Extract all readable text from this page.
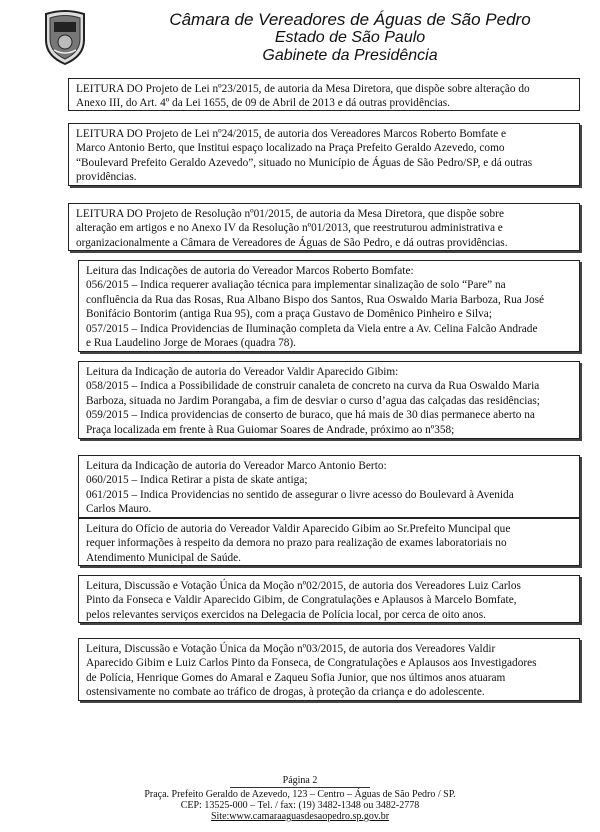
Câmara de Vereadores de Águas de São Pedro
Estado de São Paulo
Gabinete da Presidência
LEITURA DO Projeto de Lei nº23/2015, de autoria da Mesa Diretora, que dispõe sobre alteração do
Anexo III, do Art. 4º da Lei 1655, de 09 de Abril de 2013 e dá outras providências.
LEITURA DO Projeto de Lei nº24/2015, de autoria dos Vereadores Marcos Roberto Bomfate e
Marco Antonio Berto, que Institui espaço localizado na Praça Prefeito Geraldo Azevedo, como
“Boulevard Prefeito Geraldo Azevedo”, situado no Município de Águas de São Pedro/SP, e dá outras
providências.
LEITURA DO Projeto de Resolução nº01/2015, de autoria da Mesa Diretora, que dispõe sobre
alteração em artigos e no Anexo IV da Resolução nº01/2013, que reestruturou administrativa e
organizacionalmente a Câmara de Vereadores de Águas de São Pedro, e dá outras providências.
Leitura das Indicações de autoria do Vereador Marcos Roberto Bomfate:
056/2015 – Indica requerer avaliação técnica para implementar sinalização de solo “Pare” na
confluência da Rua das Rosas, Rua Albano Bispo dos Santos, Rua Oswaldo Maria Barboza, Rua José
Bonifácio Bontorim (antiga Rua 95), com a praça Gustavo de Domênico Pinheiro e Silva;
057/2015 – Indica Providencias de Iluminação completa da Viela entre a Av. Celina Falcão Andrade
e Rua Laudelino Jorge de Moraes (quadra 78).
Leitura da Indicação de autoria do Vereador Valdir Aparecido Gibim:
058/2015 – Indica a Possibilidade de construir canaleta de concreto na curva da Rua Oswaldo Maria
Barboza, situada no Jardim Porangaba, a fim de desviar o curso d’agua das calçadas das residências;
059/2015 – Indica providencias de conserto de buraco, que há mais de 30 dias permanece aberto na
Praça localizada em frente à Rua Guiomar Soares de Andrade, próximo ao nº358;
Leitura da Indicação de autoria do Vereador Marco Antonio Berto:
060/2015 – Indica Retirar a pista de skate antiga;
061/2015 – Indica Providencias no sentido de assegurar o livre acesso do Boulevard à Avenida
Carlos Mauro.
Leitura do Ofício de autoria do Vereador Valdir Aparecido Gibim ao Sr.Prefeito Muncipal que
requer informações à respeito da demora no prazo para realização de exames laboratoriais no
Atendimento Municipal de Saúde.
Leitura, Discussão e Votação Única da Moção nº02/2015, de autoria dos Vereadores Luiz Carlos
Pinto da Fonseca e Valdir Aparecido Gibim, de Congratulações e Aplausos à Marcelo Bomfate,
pelos relevantes serviços exercidos na Delegacia de Polícia local, por cerca de oito anos.
Leitura, Discussão e Votação Única da Moção nº03/2015, de autoria dos Vereadores Valdir
Aparecido Gibim e Luiz Carlos Pinto da Fonseca, de Congratulações e Aplausos aos Investigadores
de Polícia, Henrique Gomes do Amaral e Zaqueu Sofia Junior, que nos últimos anos atuaram
ostensivamente no combate ao tráfico de drogas, à proteção da criança e do adolescente.
Página 2
Praça. Prefeito Geraldo de Azevedo, 123 – Centro – Águas de São Pedro / SP.
CEP: 13525-000 – Tel. / fax: (19) 3482-1348 ou 3482-2778
Site:www.camaraaguasdesaopedro.sp.gov.br
